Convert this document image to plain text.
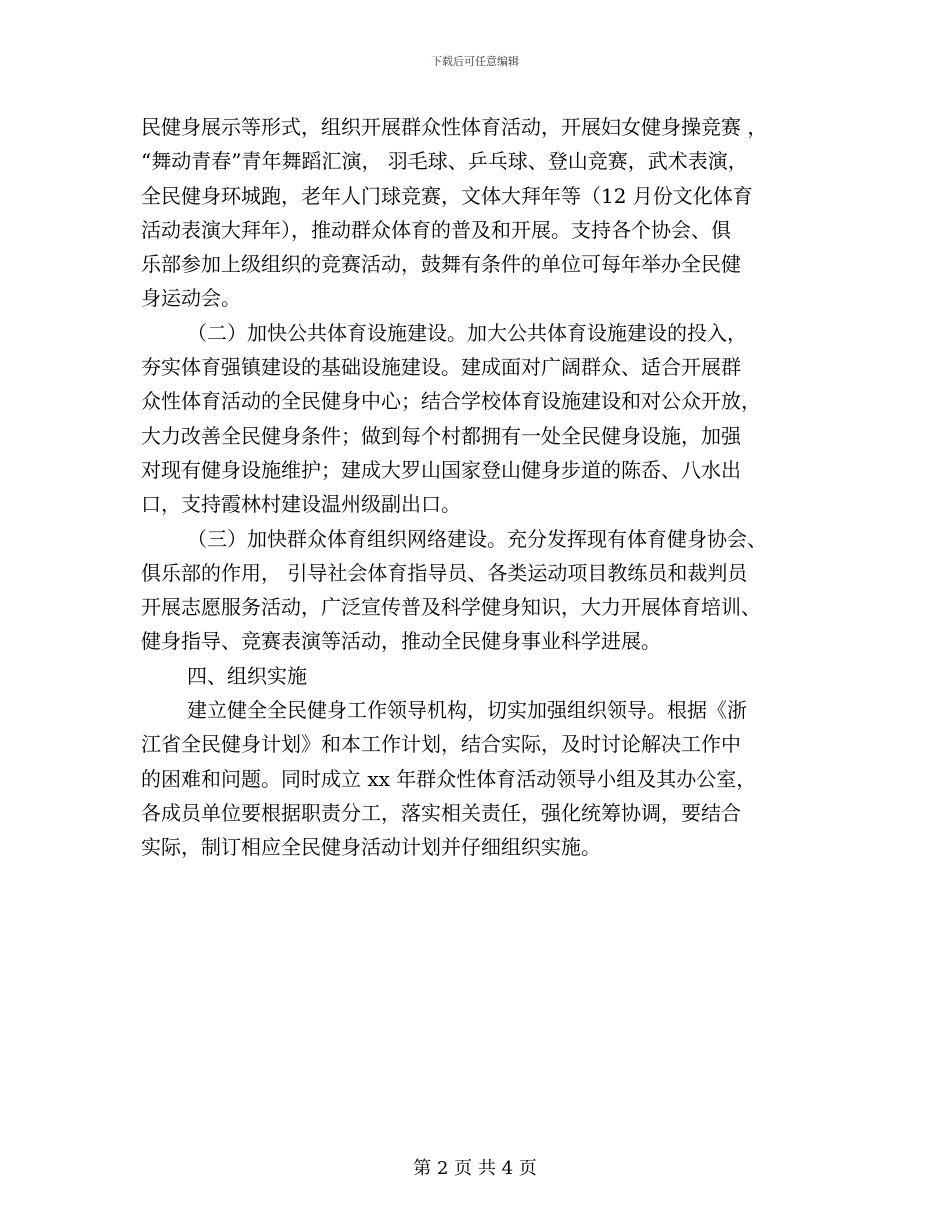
下载后可任意编辑
民健身展示等形式，组织开展群众性体育活动，开展妇女健身操竞赛 ，
“舞动青春”青年舞蹈汇演， 羽毛球、乒乓球、登山竞赛，武术表演，
全民健身环城跑，老年人门球竞赛，文体大拜年等（12 月份文化体育
活动表演大拜年），推动群众体育的普及和开展。支持各个协会、俱
乐部参加上级组织的竞赛活动，鼓舞有条件的单位可每年举办全民健
身运动会。
（二）加快公共体育设施建设。加大公共体育设施建设的投入，
夯实体育强镇建设的基础设施建设。建成面对广阔群众、适合开展群
众性体育活动的全民健身中心；结合学校体育设施建设和对公众开放，
大力改善全民健身条件；做到每个村都拥有一处全民健身设施，加强
对现有健身设施维护；建成大罗山国家登山健身步道的陈岙、八水出
口，支持霞林村建设温州级副出口。
（三）加快群众体育组织网络建设。充分发挥现有体育健身协会、
俱乐部的作用， 引导社会体育指导员、各类运动项目教练员和裁判员
开展志愿服务活动，广泛宣传普及科学健身知识，大力开展体育培训、
健身指导、竞赛表演等活动，推动全民健身事业科学进展。
四、组织实施
建立健全全民健身工作领导机构，切实加强组织领导。根据《浙
江省全民健身计划》和本工作计划，结合实际，及时讨论解决工作中
的困难和问题。同时成立 xx 年群众性体育活动领导小组及其办公室，
各成员单位要根据职责分工，落实相关责任，强化统筹协调，要结合
实际，制订相应全民健身活动计划并仔细组织实施。
第 2 页 共 4 页
